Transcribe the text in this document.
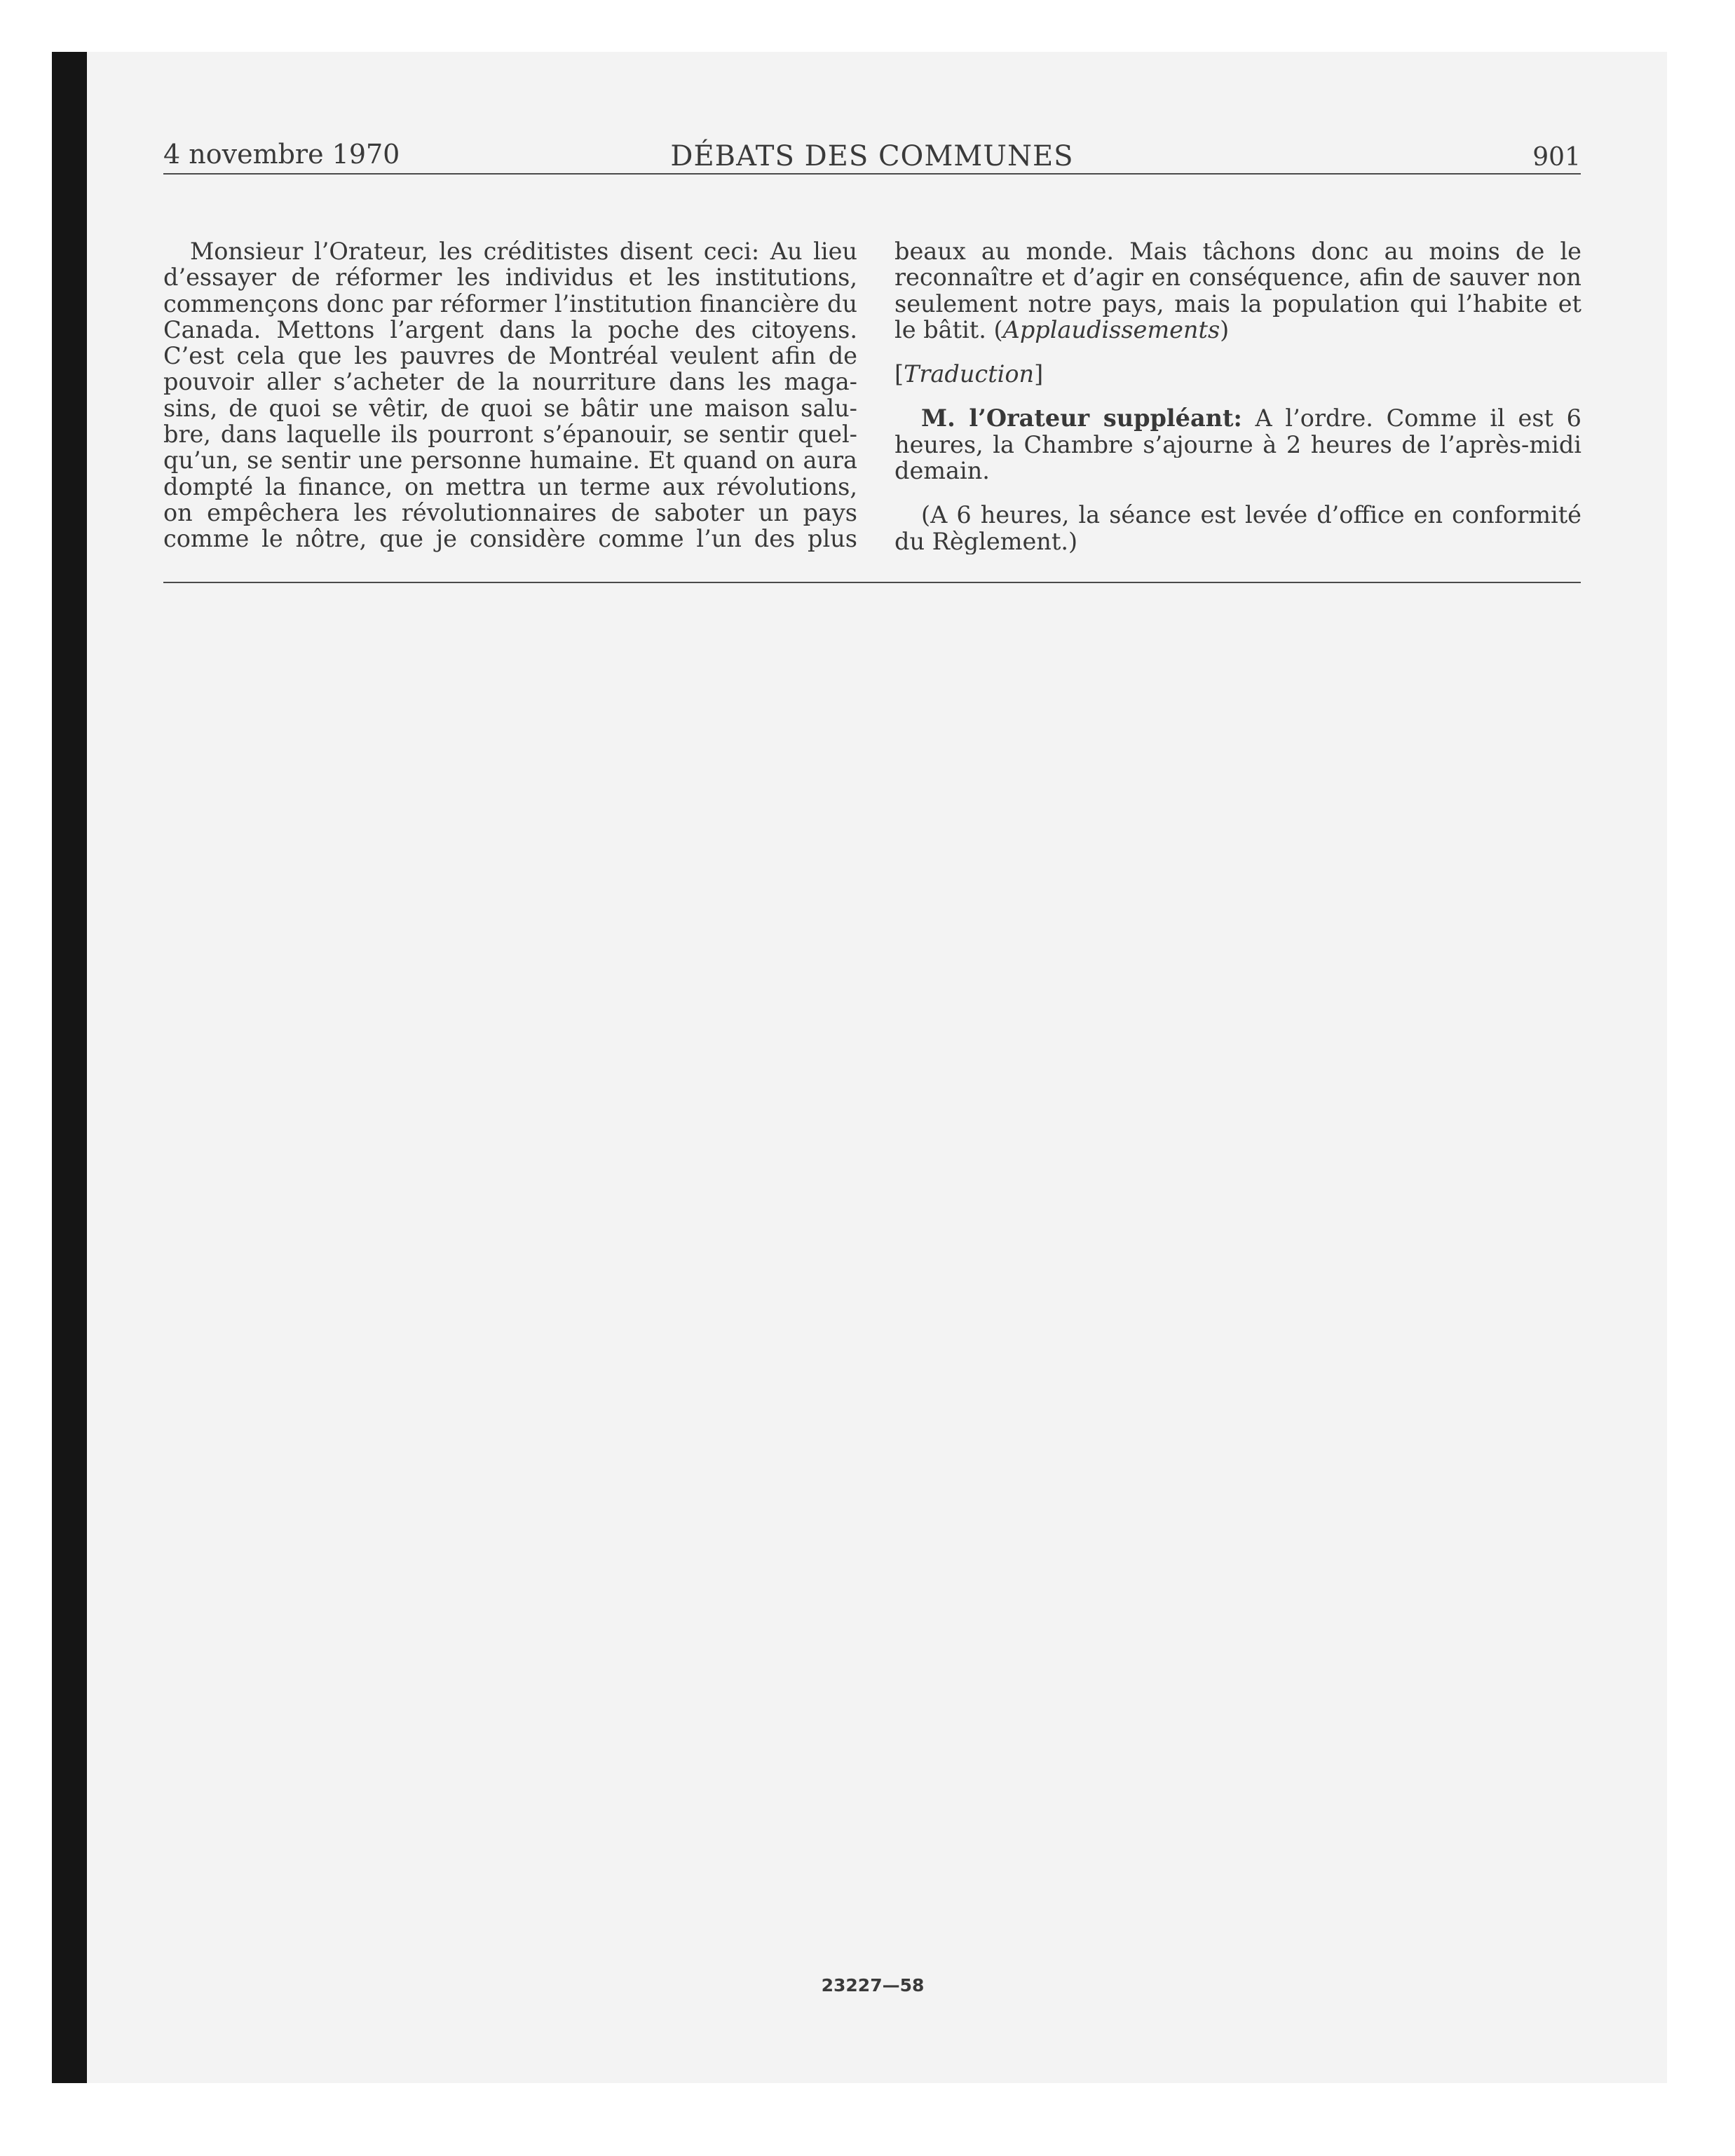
4 novembre 1970	DÉBATS DES COMMUNES	901
Monsieur l’Orateur, les créditistes disent ceci: Au lieu
d’essayer de réformer les individus et les institutions,
commençons donc par réformer l’institution financière du
Canada. Mettons l’argent dans la poche des citoyens.
C’est cela que les pauvres de Montréal veulent afin de
pouvoir aller s’acheter de la nourriture dans les maga-
sins, de quoi se vêtir, de quoi se bâtir une maison salu-
bre, dans laquelle ils pourront s’épanouir, se sentir quel-
qu’un, se sentir une personne humaine. Et quand on aura
dompté la finance, on mettra un terme aux révolutions,
on empêchera les révolutionnaires de saboter un pays
comme le nôtre, que je considère comme l’un des plus
beaux au monde. Mais tâchons donc au moins de le
reconnaître et d’agir en conséquence, afin de sauver non
seulement notre pays, mais la population qui l’habite et
le bâtit. (Applaudissements)
[Traduction]
M. l’Orateur suppléant: A l’ordre. Comme il est 6
heures, la Chambre s’ajourne à 2 heures de l’après-midi
demain.
(A 6 heures, la séance est levée d’office en conformité
du Règlement.)
23227—58
